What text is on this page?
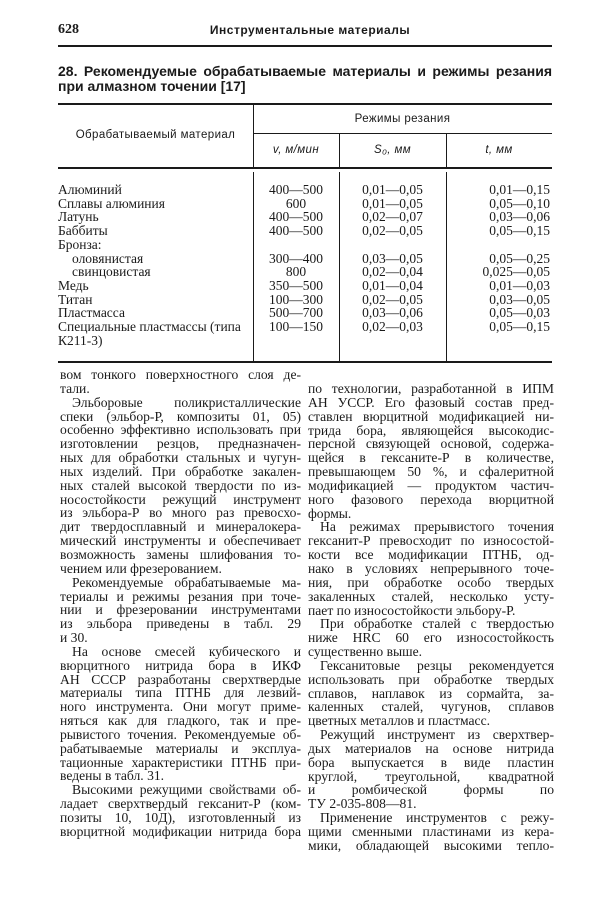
628	Инструментальные материалы
28. Рекомендуемые обрабатываемые материалы и режимы резания при алмазном точении [17]
Обрабатываемый материал
Режимы резания
v, м/мин	S₀, мм	t, мм
Алюминий	400—500	0,01—0,05	0,01—0,15
Сплавы алюминия	600	0,01—0,05	0,05—0,10
Латунь	400—500	0,02—0,07	0,03—0,06
Баббиты	400—500	0,02—0,05	0,05—0,15
Бронза:
оловянистая	300—400	0,03—0,05	0,05—0,25
свинцовистая	800	0,02—0,04	0,025—0,05
Медь	350—500	0,01—0,04	0,01—0,03
Титан	100—300	0,02—0,05	0,03—0,05
Пластмасса	500—700	0,03—0,06	0,05—0,03
Специальные пластмассы (типа	100—150	0,02—0,03	0,05—0,15
К211-3)
вом тонкого поверхностного слоя де-
тали.
Эльборовые поликристаллические
спеки (эльбор-Р, композиты 01, 05)
особенно эффективно использовать при
изготовлении резцов, предназначен-
ных для обработки стальных и чугун-
ных изделий. При обработке закален-
ных сталей высокой твердости по из-
носостойкости режущий инструмент
из эльбора-Р во много раз превосхо-
дит твердосплавный и минералокера-
мический инструменты и обеспечивает
возможность замены шлифования то-
чением или фрезерованием.
Рекомендуемые обрабатываемые ма-
териалы и режимы резания при точе-
нии и фрезеровании инструментами
из эльбора приведены в табл. 29
и 30.
На основе смесей кубического и
вюрцитного нитрида бора в ИКФ
АН СССР разработаны сверхтвердые
материалы типа ПТНБ для лезвий-
ного инструмента. Они могут приме-
няться как для гладкого, так и пре-
рывистого точения. Рекомендуемые об-
рабатываемые материалы и эксплуа-
тационные характеристики ПТНБ при-
ведены в табл. 31.
Высокими режущими свойствами об-
ладает сверхтвердый гексанит-Р (ком-
позиты 10, 10Д), изготовленный из
вюрцитной модификации нитрида бора
по технологии, разработанной в ИПМ
АН УССР. Его фазовый состав пред-
ставлен вюрцитной модификацией ни-
трида бора, являющейся высокодис-
персной связующей основой, содержа-
щейся в гексаните-Р в количестве,
превышающем 50 %, и сфалеритной
модификацией — продуктом частич-
ного фазового перехода вюрцитной
формы.
На режимах прерывистого точения
гексанит-Р превосходит по износостой-
кости все модификации ПТНБ, од-
нако в условиях непрерывного точе-
ния, при обработке особо твердых
закаленных сталей, несколько усту-
пает по износостойкости эльбору-Р.
При обработке сталей с твердостью
ниже HRC 60 его износостойкость
существенно выше.
Гексанитовые резцы рекомендуется
использовать при обработке твердых
сплавов, наплавок из сормайта, за-
каленных сталей, чугунов, сплавов
цветных металлов и пластмасс.
Режущий инструмент из сверхтвер-
дых материалов на основе нитрида
бора выпускается в виде пластин
круглой, треугольной, квадратной
и ромбической формы по
ТУ 2-035-808—81.
Применение инструментов с режу-
щими сменными пластинами из кера-
мики, обладающей высокими тепло-
